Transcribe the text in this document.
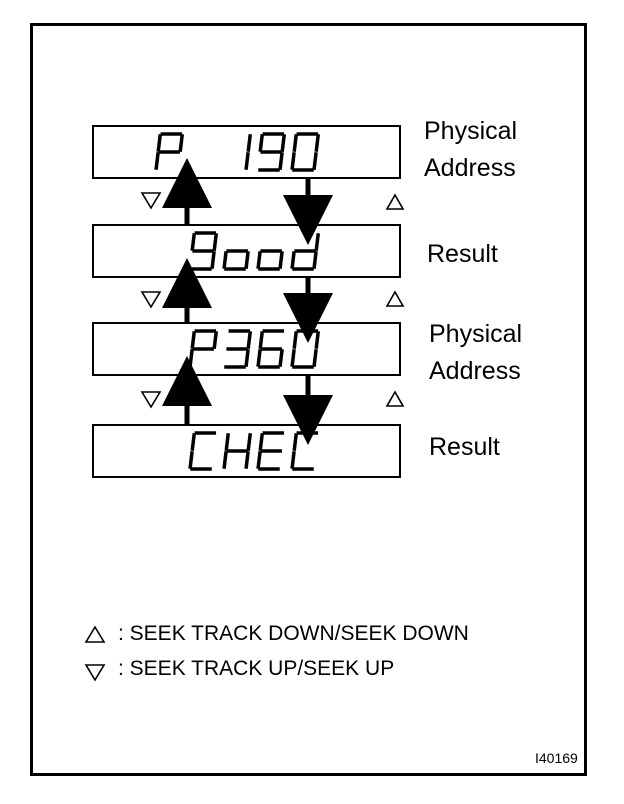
Physical
Address
Result
Physical
Address
Result
: SEEK TRACK DOWN/SEEK DOWN
: SEEK TRACK UP/SEEK UP
I40169
